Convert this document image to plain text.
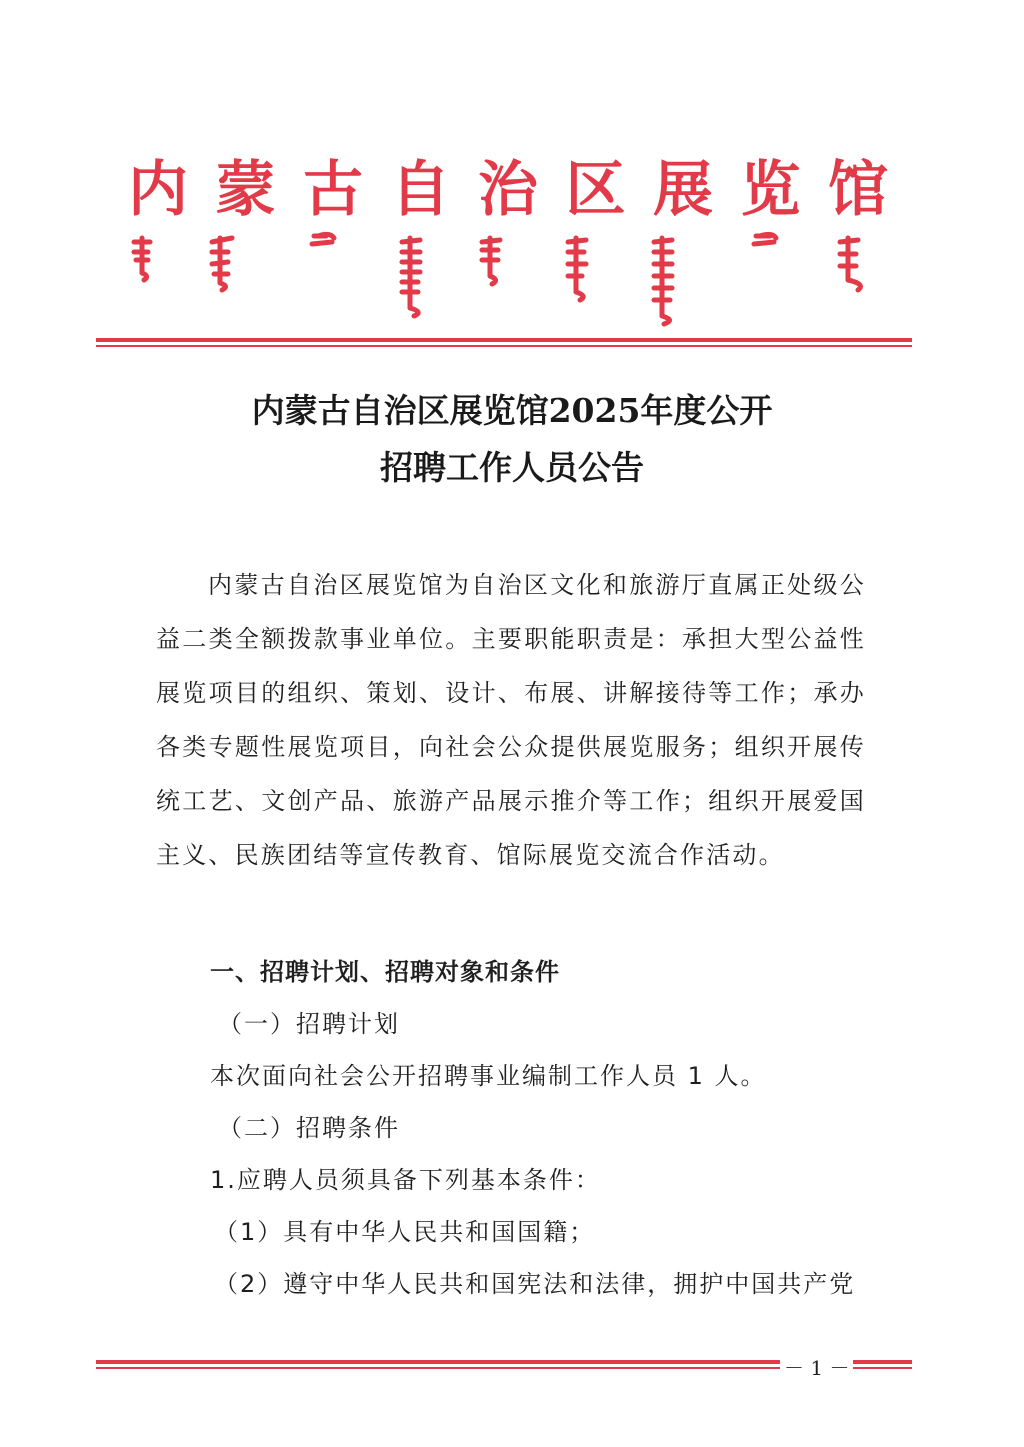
内 蒙 古 自 治 区 展 览 馆
内蒙古自治区展览馆2025年度公开
招聘工作人员公告
内蒙古自治区展览馆为自治区文化和旅游厅直属正处级公益二类全额拨款事业单位。主要职能职责是：承担大型公益性展览项目的组织、策划、设计、布展、讲解接待等工作；承办各类专题性展览项目，向社会公众提供展览服务；组织开展传统工艺、文创产品、旅游产品展示推介等工作；组织开展爱国主义、民族团结等宣传教育、馆际展览交流合作活动。
一、招聘计划、招聘对象和条件
（一）招聘计划
本次面向社会公开招聘事业编制工作人员 1 人。
（二）招聘条件
1.应聘人员须具备下列基本条件：
（1）具有中华人民共和国国籍；
（2）遵守中华人民共和国宪法和法律，拥护中国共产党
－ 1 －
